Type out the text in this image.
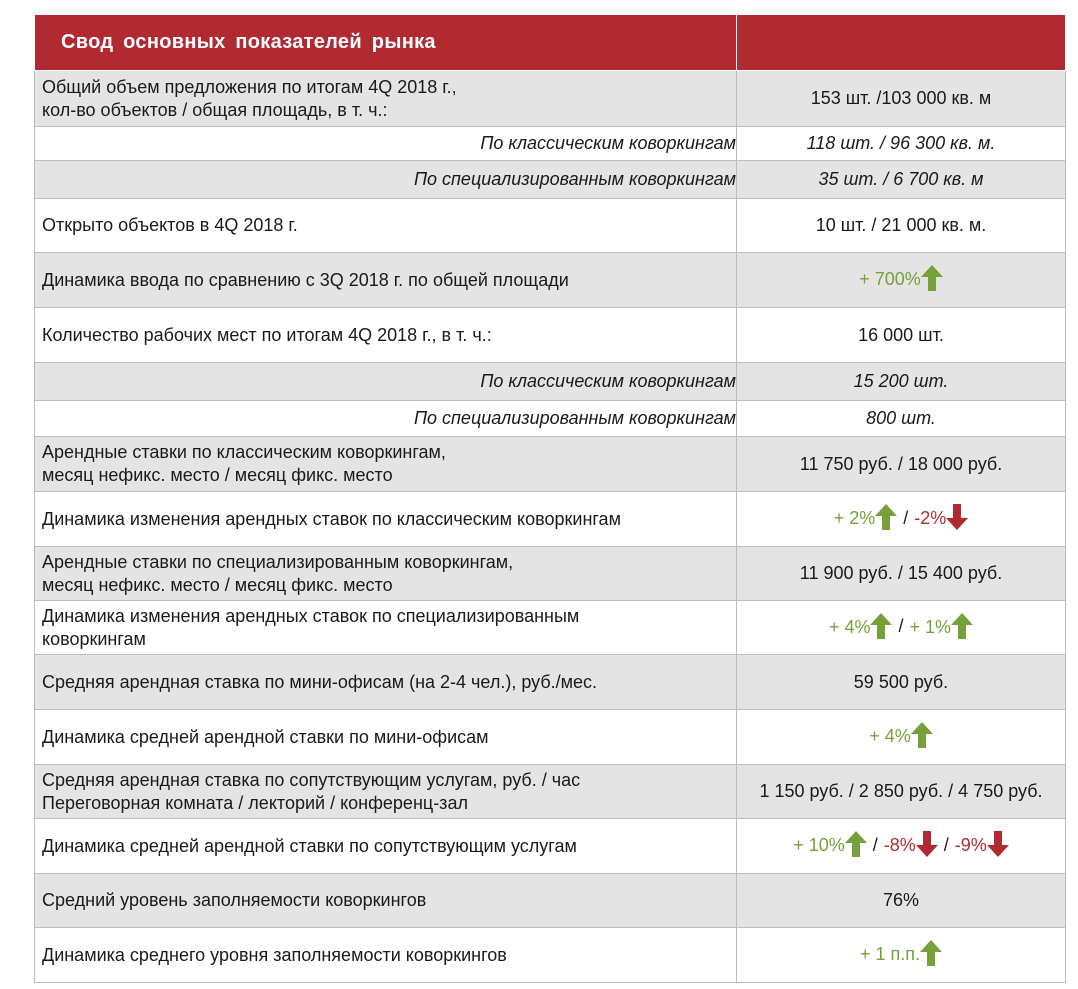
Свод основных показателей рынка	

Общий объем предложения по итогам 4Q 2018 г.,
кол-во объектов / общая площадь, в т. ч.:	153 шт. /103 000 кв. м

По классическим коворкингам	118 шт. / 96 300 кв. м.

По специализированным коворкингам	35 шт. / 6 700 кв. м

Открыто объектов в 4Q 2018 г.	10 шт. / 21 000 кв. м.

Динамика ввода по сравнению с 3Q 2018 г. по общей площади	+ 700%

Количество рабочих мест по итогам 4Q 2018 г., в т. ч.:	16 000 шт.

По классическим коворкингам	15 200 шт.

По специализированным коворкингам	800 шт.

Арендные ставки по классическим коворкингам,
месяц нефикс. место / месяц фикс. место	11 750 руб. / 18 000 руб.

Динамика изменения арендных ставок по классическим коворкингам	+ 2% / -2%

Арендные ставки по специализированным коворкингам,
месяц нефикс. место / месяц фикс. место	11 900 руб. / 15 400 руб.

Динамика изменения арендных ставок по специализированным
коворкингам	+ 4% / + 1%

Средняя арендная ставка по мини-офисам (на 2-4 чел.), руб./мес.	59 500 руб.

Динамика средней арендной ставки по мини-офисам	+ 4%

Средняя арендная ставка по сопутствующим услугам, руб. / час
Переговорная комната / лекторий / конференц-зал	1 150 руб. / 2 850 руб. / 4 750 руб.

Динамика средней арендной ставки по сопутствующим услугам	+ 10% / -8% / -9%

Средний уровень заполняемости коворкингов	76%

Динамика среднего уровня заполняемости коворкингов	+ 1 п.п.
